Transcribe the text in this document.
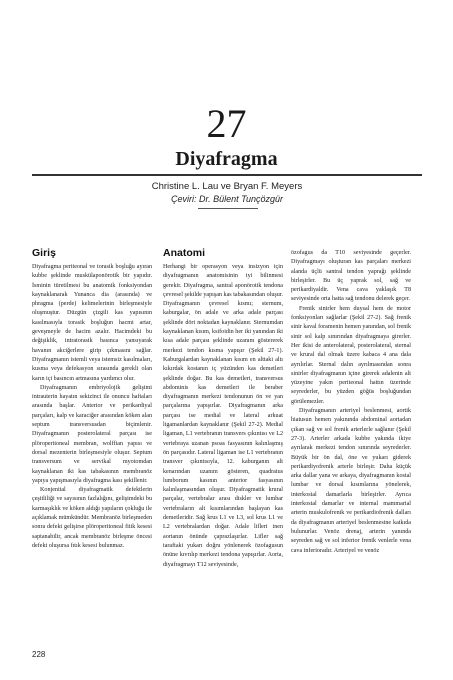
27
Diyafragma
Christine L. Lau ve Bryan F. Meyers
Çeviri: Dr. Bülent Tunçözgür
Giriş

Diyafragma periteonal ve torasik boşluğu ayıran kubbe şeklinde muskülaponörotik bir yapıdır. İsminin türetilmesi bu anatomik fonksiyondan kaynaklanarak Yunanca dia (arasında) ve phragma (perde) kelimelerinin birleşmesiyle oluşmuştur. Düzgün çizgili kas yapısının kasılmasıyla torasik boşluğun hacmi artar, geveşmeyle de hacim azalır. Hacimdeki bu değişiklik, intratorasik basınca yansıyarak havanın akciğerlere girip çıkmasını sağlar. Diyafragmanın istemli veya istemsiz kasılmaları, kusma veya defekasyon sırasında gerekli olan karın içi basıncın artmasına yardımcı olur.

Diyafragmanın embriyolojik gelişimi intrauterin hayatın sekizinci ile onuncu haftaları arasında başlar. Anterior ve perikardiyal parçaları, kalp ve karaciğer arasından köken alan septum transversusdan biçimlenir. Diyafragmanın posterolateral parçası ise plöroperitoneal membran, wolffian yapısı ve dorsal mezenterin birleşmesiyle oluşur. Septum transversum ve servikal myotomdan kaynaklanan iki kas tabakasının membranöz yapıya yapışmasıyla diyafragma kası şekillenir.

Konjenital diyafragmatik defektlerin çeşitliliği ve sayısının fazlalığını, gelişimdeki bu karmaşıklık ve köken aldığı yapıların çokluğu ile açıklamak mümkündür. Membranöz birleşmeden sonra defekt gelişirse plöroperitoneal fitik kesesi saptanabilir, ancak membranöz birleşme öncesi defekt oluşursa fıtık kesesi bulunmaz.

Anatomi

Herhangi bir operasyon veya insizyon için diyafragmanın anatomisinin iyi bilinmesi gerekir. Diyafragma, santral aponörotik tendona çevresel şekilde yapışan kas tabakasından oluşur. Diyafragmanın çevresel kısmı; sternum, kaburgalar, ön adale ve arka adale parçası şeklinde dört noktadan kaynaklanır. Sternumdan kaynaklanan kısım, ksifoidin her iki yanından iki kısa adale parçası şeklinde uzanım göstererek merkezi tendon kısma yapışır (Şekil 27-1). Kaburgalardan kaynaklanan kısım en alttaki altı kıkırdak kostanın iç yüzünden kas demetleri şeklinde doğar. Bu kas demetleri, transversus abdominis kas demetleri ile beraber diyafragmanın merkezi tendonunun ön ve yan parçalarına yapışırlar. Diyafragmanın arka parçası ise medial ve lateral arkuat ligamanlardan kaynaklanır (Şekil 27-2). Medial ligaman, L1 vertebranın transvers çıkıntısı ve L2 vertebraya uzanan psoas fasyasının kalınlaşmış ön parçasıdır. Lateral ligaman ise L1 vertebranın transver çıkıntısıyla, 12. kaburganın alt kenarından uzanım gösteren, quadratus lumborum kasının anterior fasyasının kalınlaşmasından oluşur. Diyafragmatik krural parçalar, vertebralar arası diskler ve lumbar vertebraların alt kısımlarından başlayan kas demetleridir. Sağ krus L1 ve L3, sol krus L1 ve L2 vertebralardan doğar. Adale lifleri inen aortanın önünde çaprazlaşırlar. Lifler sağ taraftaki yukarı doğru yönlenerek özofagusun önüne kıvrılıp merkezi tendona yapışırlar. Aorta, diyafragmayı T12 seviyesinde,

özofagus da T10 seviyesinde geçerler. Diyafragmayı oluşturan kas parçaları merkezi alanda üçlü santral tendon yaprağı şeklinde birleşirler. Bu üç yaprak sol, sağ ve perikardiyaldir. Vena cava yaklaşık T8 seviyesinde orta hatta sağ tendonu delerek geçer.

Frenik sinirler hem duysal hem de motor fonksiyonları sağlarlar (Şekil 27-2). Sağ frenik sinir kaval foramenin hemen yanından, sol frenik sinir sol kalp sınırından diyafragmaya girerler. Her ikisi de anterolateral, posterolateral, sternal ve krural dal olmak üzere kabaca 4 ana dala ayrılırlar. Sternal dalın ayrılmasından sonra sinirler diyafragmanın içine girerek adalenin alt yüzeyine yakın periteonal hattın üzerinde seyrederler, bu yüzden göğüs boşluğundan görülemezler.

Diyafragmanın arteriyel beslenmesi, aortik hiatusun hemen yakınında abdominal aortadan çıkan sağ ve sol frenik arterlerle sağlanır (Şekil 27-3). Arterler arkada kubbe yakında ikiye ayrılarak merkezi tendon sınırında seyrederler. Büyük bir ön dal, öne ve yukarı giderek perikardiyofrenik arterle birleşir. Daha küçük arka dallar yana ve arkaya, diyafragmanın kostal lumbar ve dorsal kısımlarına yönelerek, interkostal damarlarla birleşirler. Ayrıca interkostal damarlar ve internal mammarial arterin muskulofrenik ve perikardiofrenik dalları da diyafragmanın arteriyel beslenmesine katkıda bulunurlar. Venöz drenaj, arterin yanında seyreden sağ ve sol inferior frenik venlerle vena cava inferioradır. Arteriyel ve venöz

228
